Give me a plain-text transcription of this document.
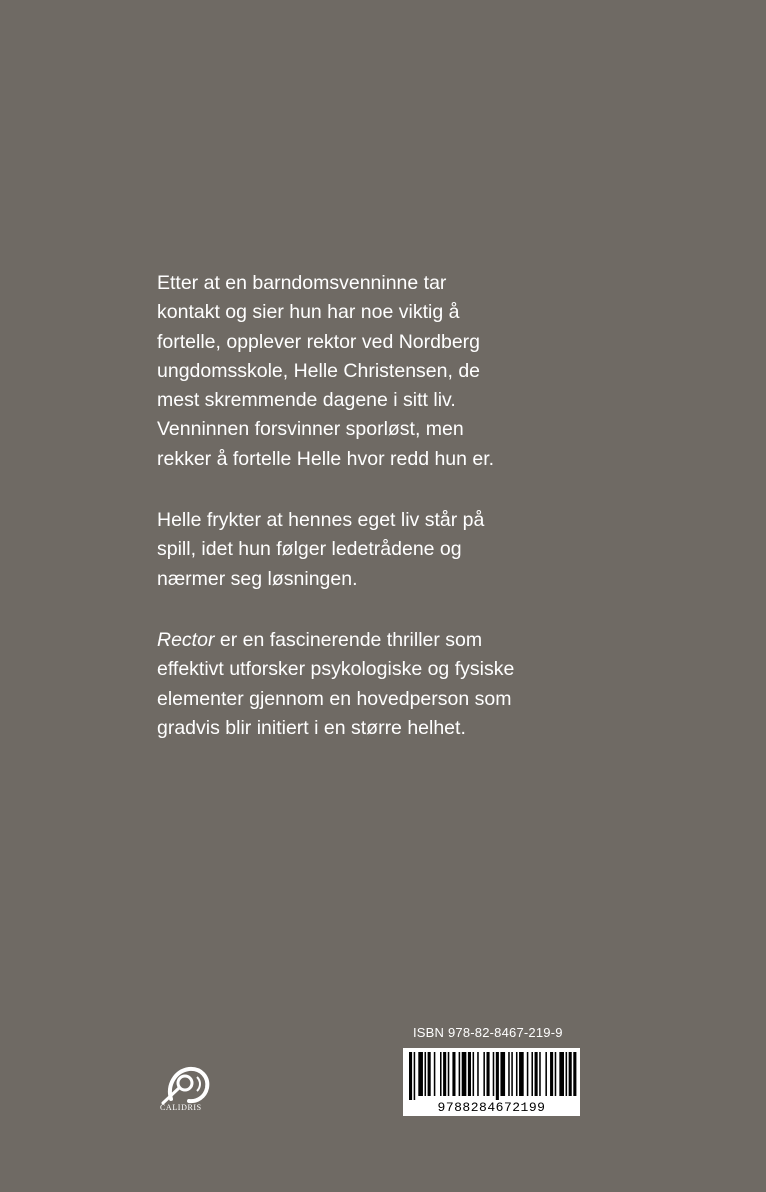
Etter at en barndomsvenninne tar
kontakt og sier hun har noe viktig å
fortelle, opplever rektor ved Nordberg
ungdomsskole, Helle Christensen, de
mest skremmende dagene i sitt liv.
Venninnen forsvinner sporløst, men
rekker å fortelle Helle hvor redd hun er.

Helle frykter at hennes eget liv står på
spill, idet hun følger ledetrådene og
nærmer seg løsningen.

Rector er en fascinerende thriller som
effektivt utforsker psykologiske og fysiske
elementer gjennom en hovedperson som
gradvis blir initiert i en større helhet.

ISBN 978-82-8467-219-9
9788284672199
CALIDRIS
